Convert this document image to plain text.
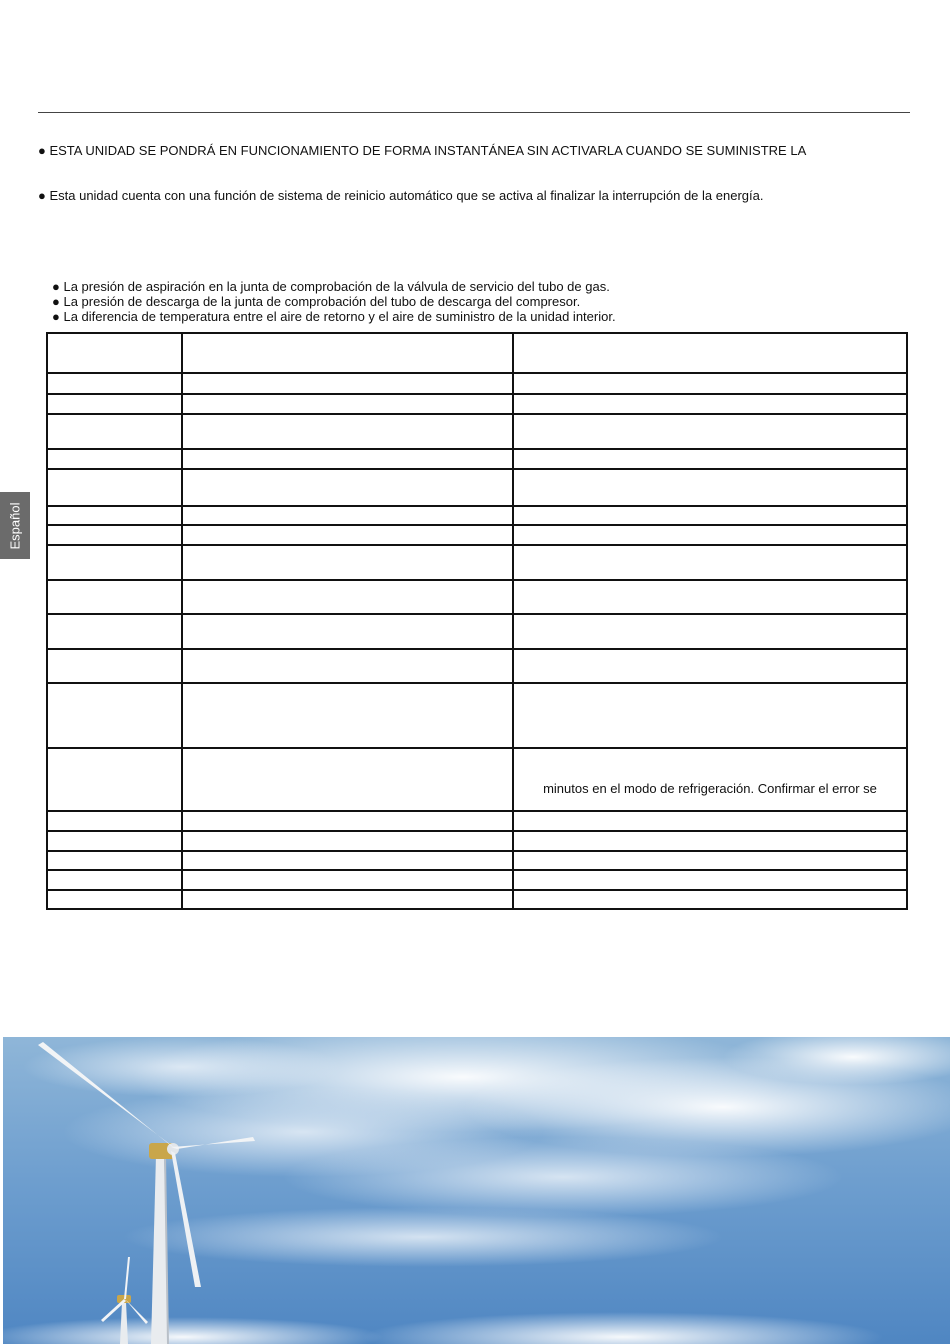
● ESTA UNIDAD SE PONDRÁ EN FUNCIONAMIENTO DE FORMA INSTANTÁNEA SIN ACTIVARLA CUANDO SE SUMINISTRE LA
● Esta unidad cuenta con una función de sistema de reinicio automático que se activa al finalizar la interrupción de la energía.
● La presión de aspiración en la junta de comprobación de la válvula de servicio del tubo de gas.
● La presión de descarga de la junta de comprobación del tubo de descarga del compresor.
● La diferencia de temperatura entre el aire de retorno y el aire de suministro de la unidad interior.
Español

		minutos en el modo de refrigeración. Confirmar el error se
